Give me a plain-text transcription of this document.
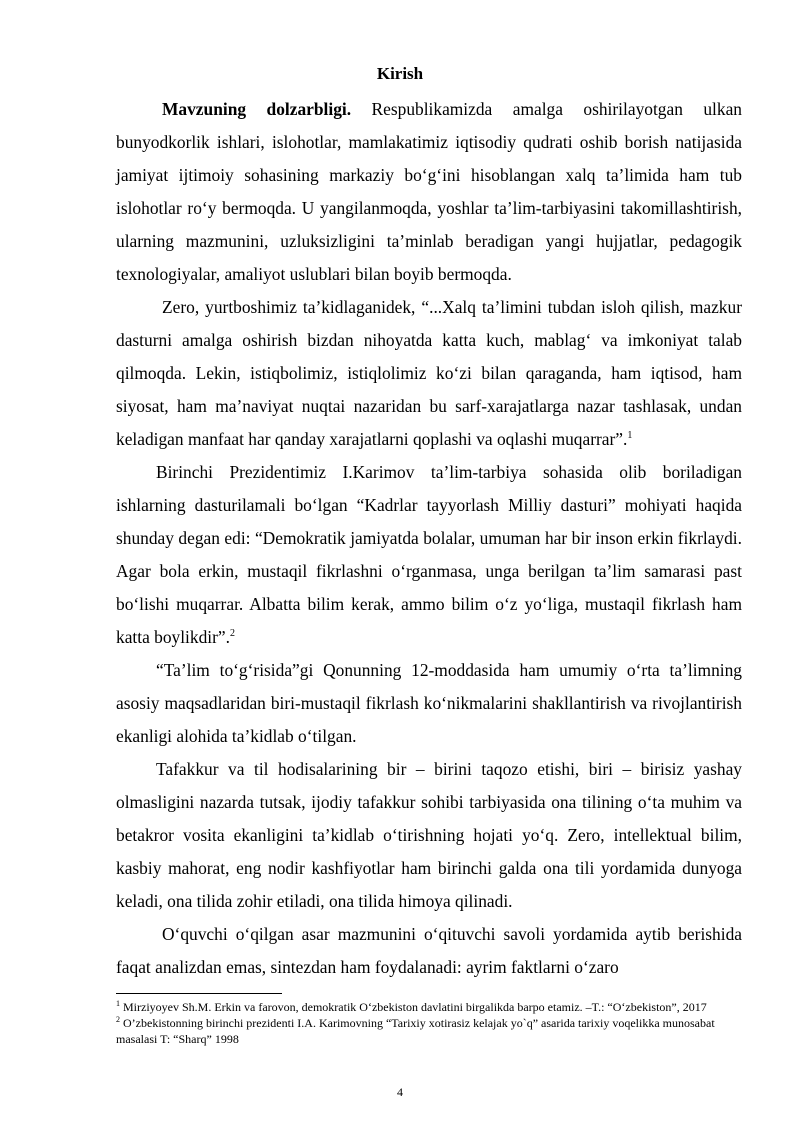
Kirish

Mavzuning dolzarbligi. Respublikamizda amalga oshirilayotgan ulkan bunyodkorlik ishlari, islohotlar, mamlakatimiz iqtisodiy qudrati oshib borish natijasida jamiyat ijtimoiy sohasining markaziy bo‘g‘ini hisoblangan xalq ta’limida ham tub islohotlar ro‘y bermoqda. U yangilanmoqda, yoshlar ta’lim-tarbiyasini takomillashtirish, ularning mazmunini, uzluksizligini ta’minlab beradigan yangi hujjatlar, pedagogik texnologiyalar, amaliyot uslublari bilan boyib bermoqda.

Zero, yurtboshimiz ta’kidlaganidek, “...Xalq ta’limini tubdan isloh qilish, mazkur dasturni amalga oshirish bizdan nihoyatda katta kuch, mablag‘ va imkoniyat talab qilmoqda. Lekin, istiqbolimiz, istiqlolimiz ko‘zi bilan qaraganda, ham iqtisod, ham siyosat, ham ma’naviyat nuqtai nazaridan bu sarf-xarajatlarga nazar tashlasak, undan keladigan manfaat har qanday xarajatlarni qoplashi va oqlashi muqarrar”.$^1$

Birinchi Prezidentimiz I.Karimov ta’lim-tarbiya sohasida olib boriladigan ishlarning dasturilamali bo‘lgan “Kadrlar tayyorlash Milliy dasturi” mohiyati haqida shunday degan edi: “Demokratik jamiyatda bolalar, umuman har bir inson erkin fikrlaydi. Agar bola erkin, mustaqil fikrlashni o‘rganmasa, unga berilgan ta’lim samarasi past bo‘lishi muqarrar. Albatta bilim kerak, ammo bilim o‘z yo‘liga, mustaqil fikrlash ham katta boylikdir”.$^2$

“Ta’lim to‘g‘risida”gi Qonunning 12-moddasida ham umumiy o‘rta ta’limning asosiy maqsadlaridan biri-mustaqil fikrlash ko‘nikmalarini shakllantirish va rivojlantirish ekanligi alohida ta’kidlab o‘tilgan.

Tafakkur va til hodisalarining bir – birini taqozo etishi, biri – birisiz yashay olmasligini nazarda tutsak, ijodiy tafakkur sohibi tarbiyasida ona tilining o‘ta muhim va betakror vosita ekanligini ta’kidlab o‘tirishning hojati yo‘q. Zero, intellektual bilim, kasbiy mahorat, eng nodir kashfiyotlar ham birinchi galda ona tili yordamida dunyoga keladi, ona tilida zohir etiladi, ona tilida himoya qilinadi.

O‘quvchi o‘qilgan asar mazmunini o‘qituvchi savoli yordamida aytib berishida faqat analizdan emas, sintezdan ham foydalanadi: ayrim faktlarni o‘zaro

$^1$ Mirziyoyev Sh.M. Erkin va farovon, demokratik O‘zbekiston davlatini birgalikda barpo etamiz. –T.: “O‘zbekiston”, 2017

$^2$ O’zbekistonning birinchi prezidenti I.A. Karimovning “Tarixiy xotirasiz kelajak yo`q” asarida tarixiy voqelikka munosabat masalasi T: “Sharq” 1998

4
